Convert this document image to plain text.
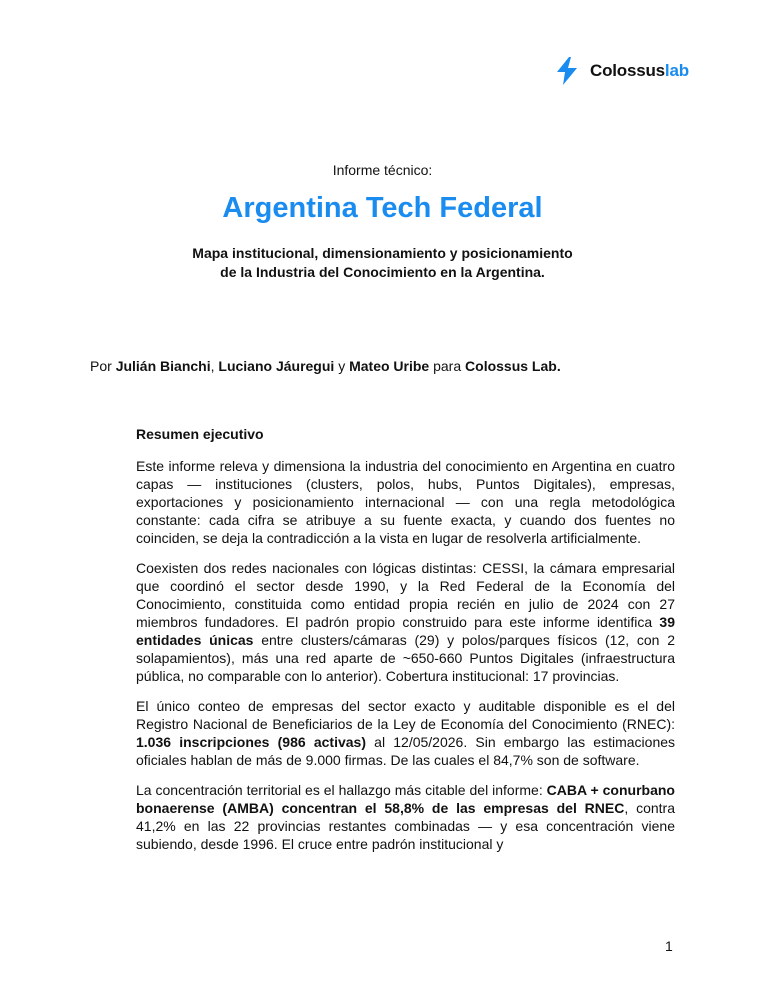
Colossuslab
Informe técnico:
Argentina Tech Federal
Mapa institucional, dimensionamiento y posicionamiento
de la Industria del Conocimiento en la Argentina.
Por Julián Bianchi, Luciano Jáuregui y Mateo Uribe para Colossus Lab.
Resumen ejecutivo

Este informe releva y dimensiona la industria del conocimiento en Argentina en cuatro capas — instituciones (clusters, polos, hubs, Puntos Digitales), empresas, exportaciones y posicionamiento internacional — con una regla metodológica constante: cada cifra se atribuye a su fuente exacta, y cuando dos fuentes no coinciden, se deja la contradicción a la vista en lugar de resolverla artificialmente.

Coexisten dos redes nacionales con lógicas distintas: CESSI, la cámara empresarial que coordinó el sector desde 1990, y la Red Federal de la Economía del Conocimiento, constituida como entidad propia recién en julio de 2024 con 27 miembros fundadores. El padrón propio construido para este informe identifica 39 entidades únicas entre clusters/cámaras (29) y polos/parques físicos (12, con 2 solapamientos), más una red aparte de ~650-660 Puntos Digitales (infraestructura pública, no comparable con lo anterior). Cobertura institucional: 17 provincias.

El único conteo de empresas del sector exacto y auditable disponible es el del Registro Nacional de Beneficiarios de la Ley de Economía del Conocimiento (RNEC): 1.036 inscripciones (986 activas) al 12/05/2026. Sin embargo las estimaciones oficiales hablan de más de 9.000 firmas. De las cuales el 84,7% son de software.

La concentración territorial es el hallazgo más citable del informe: CABA + conurbano bonaerense (AMBA) concentran el 58,8% de las empresas del RNEC, contra 41,2% en las 22 provincias restantes combinadas — y esa concentración viene subiendo, desde 1996. El cruce entre padrón institucional y

1
